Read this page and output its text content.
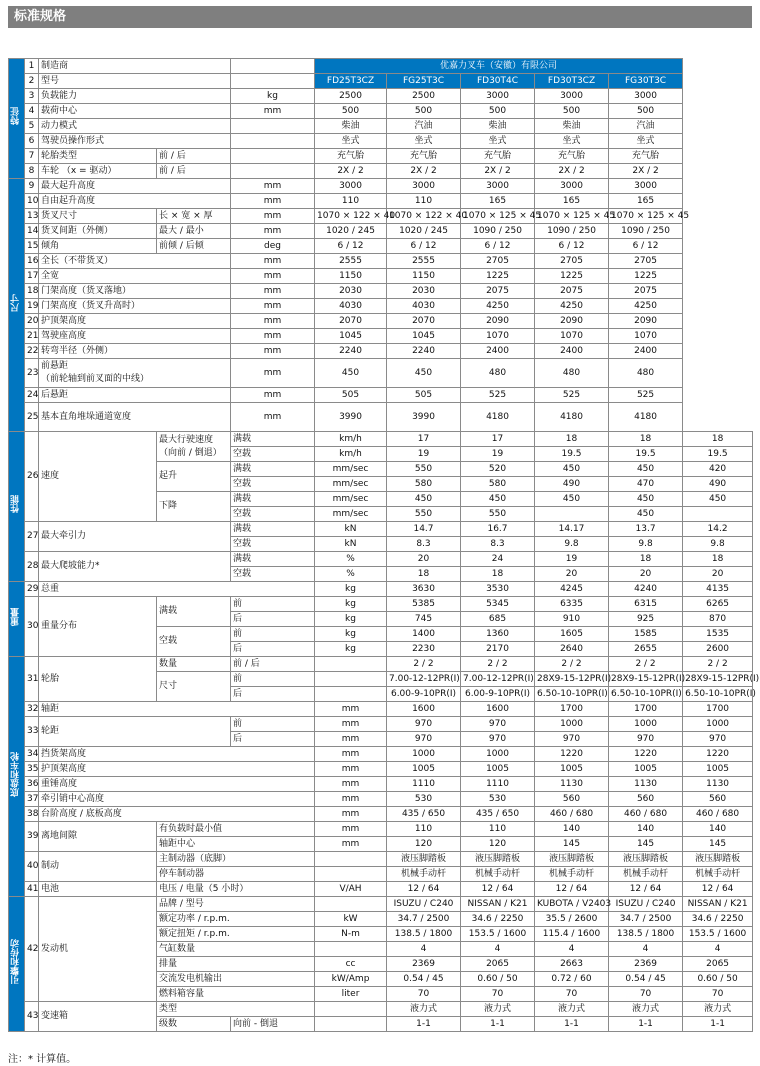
标准规格
特征	1	制造商			优嘉力叉车（安徽）有限公司					
	2	型号			FD25T3CZ	FG25T3C	FD30T4C	FD30T3CZ	FG30T3C	
	3	负载能力		kg	2500	2500	3000	3000	3000	
	4	载荷中心		mm	500	500	500	500	500	
	5	动力模式			柴油	汽油	柴油	柴油	汽油	
	6	驾驶员操作形式			坐式	坐式	坐式	坐式	坐式	
	7	轮胎类型	前 / 后		充气胎	充气胎	充气胎	充气胎	充气胎	
	8	车轮 （x = 驱动）	前 / 后		2X / 2	2X / 2	2X / 2	2X / 2	2X / 2	
尺寸	9	最大起升高度		mm	3000	3000	3000	3000	3000	
	10	自由起升高度		mm	110	110	165	165	165	
	13	货叉尺寸	长 × 宽 × 厚	mm	1070 × 122 × 40	1070 × 122 × 40	1070 × 125 × 45	1070 × 125 × 45	1070 × 125 × 45	
	14	货叉间距（外侧）	最大 / 最小	mm	1020 / 245	1020 / 245	1090 / 250	1090 / 250	1090 / 250	
	15	倾角	前倾 / 后倾	deg	6 / 12	6 / 12	6 / 12	6 / 12	6 / 12	
	16	全长（不带货叉）		mm	2555	2555	2705	2705	2705	
	17	全宽		mm	1150	1150	1225	1225	1225	
	18	门架高度（货叉落地）		mm	2030	2030	2075	2075	2075	
	19	门架高度（货叉升高时）		mm	4030	4030	4250	4250	4250	
	20	护顶架高度		mm	2070	2070	2090	2090	2090	
	21	驾驶座高度		mm	1045	1045	1070	1070	1070	
	22	转弯半径（外侧）		mm	2240	2240	2400	2400	2400	
	23	前悬距
（前轮轴到前叉面的中线）		mm	450	450	480	480	480	
	24	后悬距		mm	505	505	525	525	525	
	25	基本直角堆垛通道宽度		mm	3990	3990	4180	4180	4180	
性能	26	速度	最大行驶速度
（向前 / 倒退）	满载	km/h	17	17	18	18	18
				空载	km/h	19	19	19.5	19.5	19.5
			起升	满载	mm/sec	550	520	450	450	420
				空载	mm/sec	580	580	490	470	490
			下降	满载	mm/sec	450	450	450	450	450
				空载	mm/sec	550	550		450	
	27	最大牵引力		满载	kN	14.7	16.7	14.17	13.7	14.2
				空载	kN	8.3	8.3	9.8	9.8	9.8
	28	最大爬坡能力*		满载	%	20	24	19	18	18
				空载	%	18	18	20	20	20
重量	29	总重			kg	3630	3530	4245	4240	4135
	30	重量分布	满载	前	kg	5385	5345	6335	6315	6265
				后	kg	745	685	910	925	870
			空载	前	kg	1400	1360	1605	1585	1535
				后	kg	2230	2170	2640	2655	2600
底盘和车轮	31	轮胎	数量	前 / 后		2 / 2	2 / 2	2 / 2	2 / 2	2 / 2
			尺寸	前		7.00-12-12PR(I)	7.00-12-12PR(I)	28X9-15-12PR(I)	28X9-15-12PR(I)	28X9-15-12PR(I)
				后		6.00-9-10PR(I)	6.00-9-10PR(I)	6.50-10-10PR(I)	6.50-10-10PR(I)	6.50-10-10PR(I)
	32	轴距			mm	1600	1600	1700	1700	1700
	33	轮距		前	mm	970	970	1000	1000	1000
				后	mm	970	970	970	970	970
	34	挡货架高度			mm	1000	1000	1220	1220	1220
	35	护顶架高度			mm	1005	1005	1005	1005	1005
	36	重锤高度			mm	1110	1110	1130	1130	1130
	37	牵引销中心高度			mm	530	530	560	560	560
	38	台阶高度 / 底板高度			mm	435 / 650	435 / 650	460 / 680	460 / 680	460 / 680
	39	离地间隙	有负载时最小值		mm	110	110	140	140	140
			轴距中心		mm	120	120	145	145	145
	40	制动	主制动器（底脚）			液压脚踏板	液压脚踏板	液压脚踏板	液压脚踏板	液压脚踏板
			停车制动器			机械手动杆	机械手动杆	机械手动杆	机械手动杆	机械手动杆
	41	电池	电压 / 电量（5 小时）		V/AH	12 / 64	12 / 64	12 / 64	12 / 64	12 / 64
引擎和传动	42	发动机	品牌 / 型号			ISUZU / C240	NISSAN / K21	KUBOTA / V2403	ISUZU / C240	NISSAN / K21
			额定功率 / r.p.m.		kW	34.7 / 2500	34.6 / 2250	35.5 / 2600	34.7 / 2500	34.6 / 2250
			额定扭矩 / r.p.m.		N-m	138.5 / 1800	153.5 / 1600	115.4 / 1600	138.5 / 1800	153.5 / 1600
			气缸数量			4	4	4	4	4
			排量		cc	2369	2065	2663	2369	2065
			交流发电机输出		kW/Amp	0.54 / 45	0.60 / 50	0.72 / 60	0.54 / 45	0.60 / 50
			燃料箱容量		liter	70	70	70	70	70
	43	变速箱	类型			液力式	液力式	液力式	液力式	液力式
			级数	向前 - 倒退		1-1	1-1	1-1	1-1	1-1
注：* 计算值。
